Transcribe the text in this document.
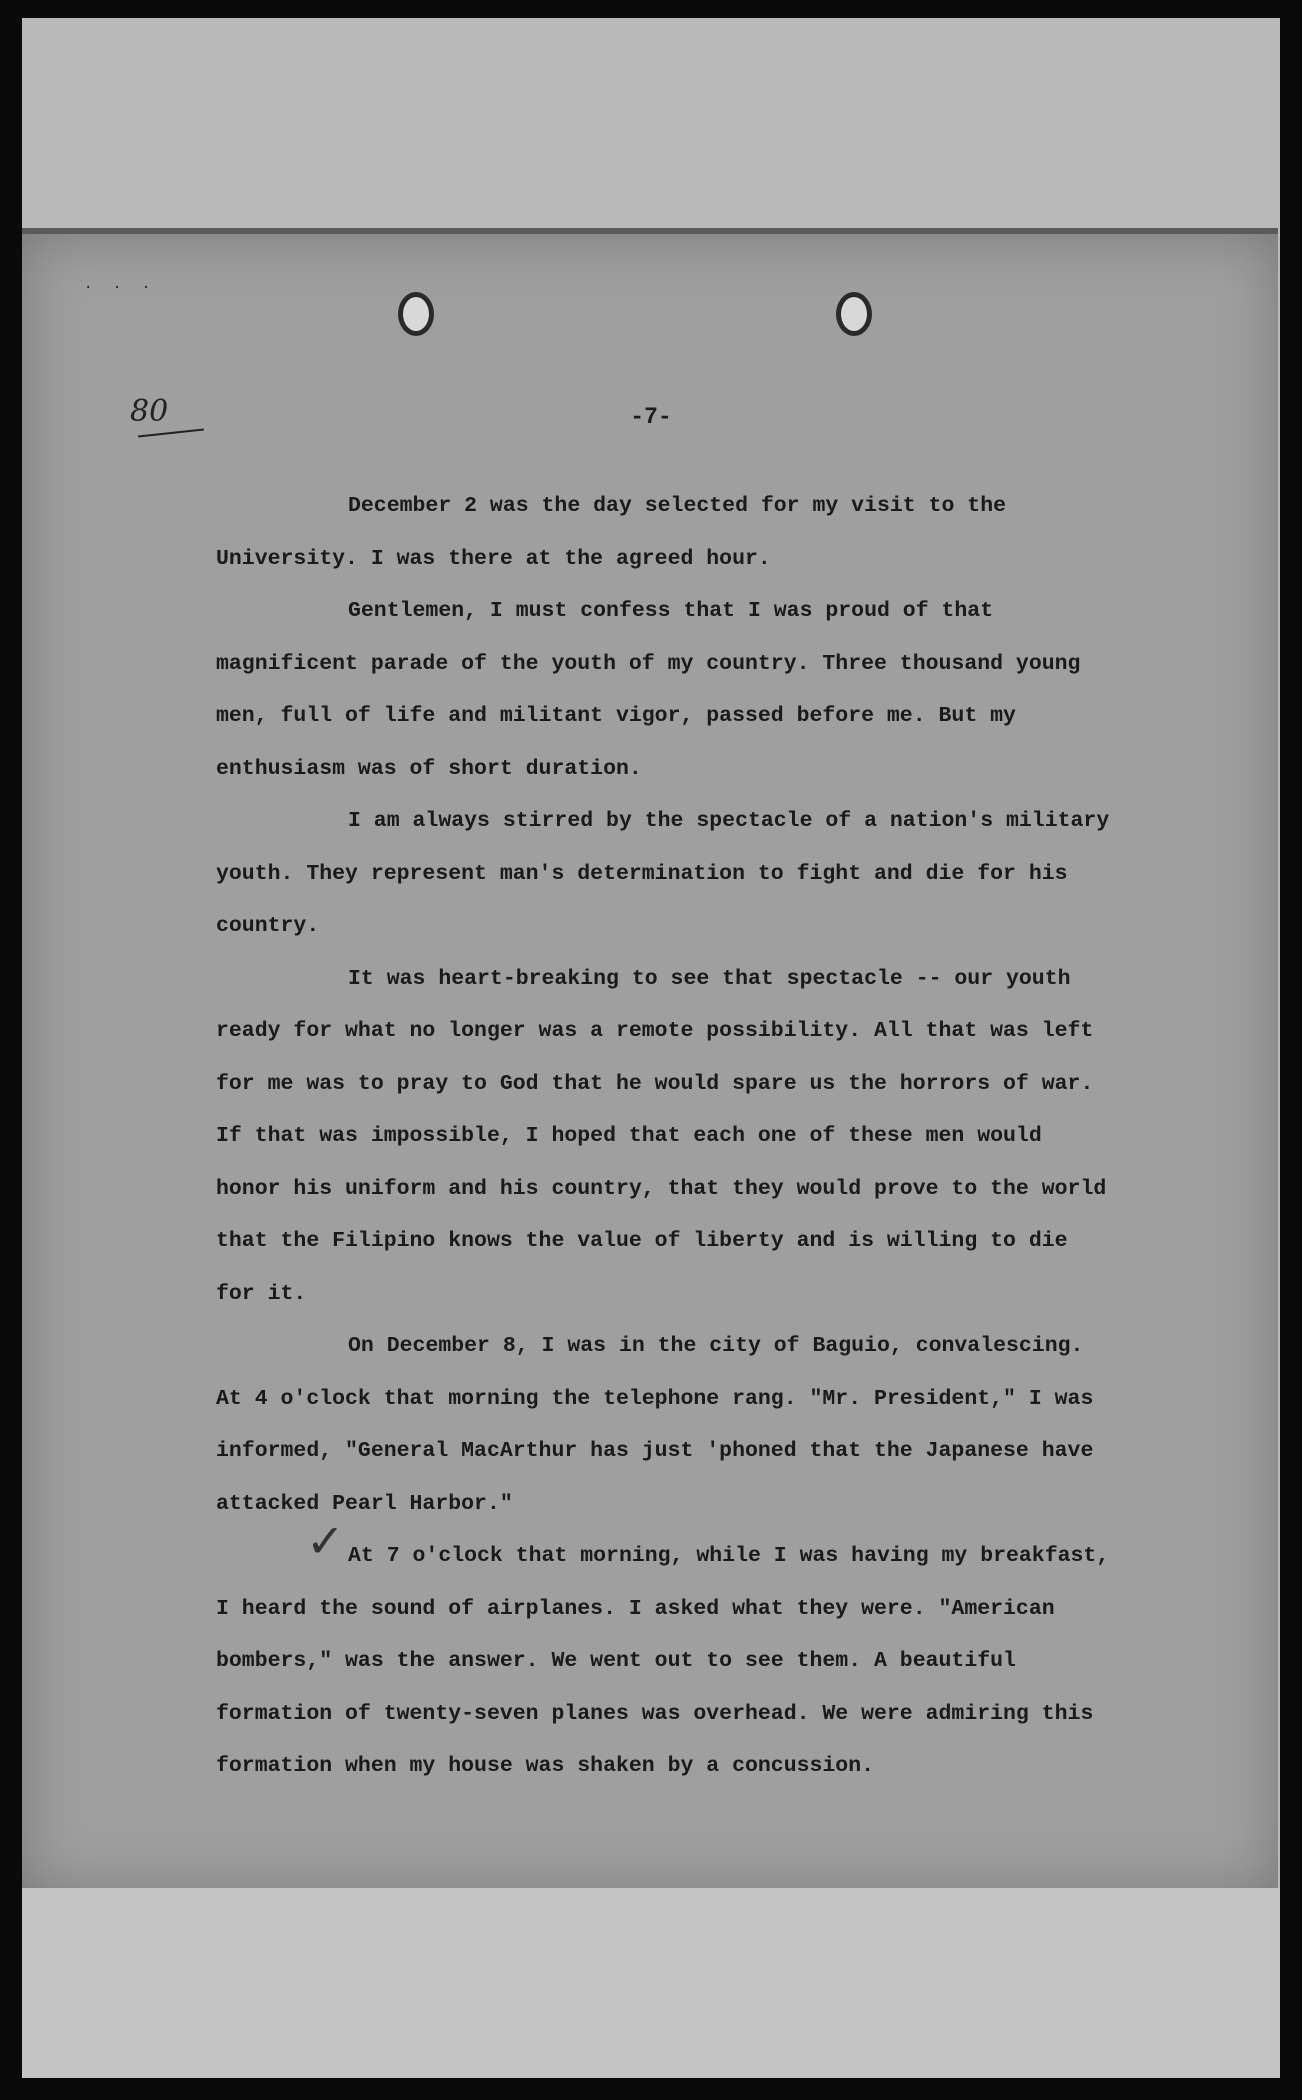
· · ·
80	-7-
✓

December 2 was the day selected for my visit to the University. I was there at the agreed hour.

Gentlemen, I must confess that I was proud of that magnificent parade of the youth of my country. Three thousand young men, full of life and militant vigor, passed before me. But my enthusiasm was of short duration.

I am always stirred by the spectacle of a nation's military youth. They represent man's determination to fight and die for his country.

It was heart-breaking to see that spectacle -- our youth ready for what no longer was a remote possibility. All that was left for me was to pray to God that he would spare us the horrors of war. If that was impossible, I hoped that each one of these men would honor his uniform and his country, that they would prove to the world that the Filipino knows the value of liberty and is willing to die for it.

On December 8, I was in the city of Baguio, convalescing. At 4 o'clock that morning the telephone rang. "Mr. President," I was informed, "General MacArthur has just 'phoned that the Japanese have attacked Pearl Harbor."

At 7 o'clock that morning, while I was having my breakfast, I heard the sound of airplanes. I asked what they were. "American bombers," was the answer. We went out to see them. A beautiful formation of twenty-seven planes was overhead. We were admiring this formation when my house was shaken by a concussion.
